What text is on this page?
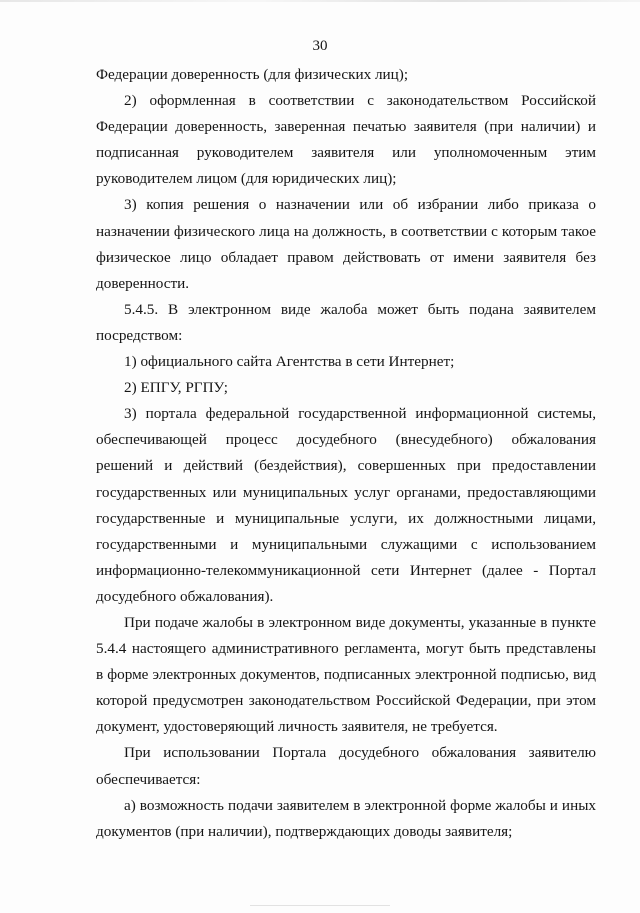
30

Федерации доверенность (для физических лиц);

2) оформленная в соответствии с законодательством Российской Федерации доверенность, заверенная печатью заявителя (при наличии) и подписанная руководителем заявителя или уполномоченным этим руководителем лицом (для юридических лиц);

3) копия решения о назначении или об избрании либо приказа о назначении физического лица на должность, в соответствии с которым такое физическое лицо обладает правом действовать от имени заявителя без доверенности.

5.4.5. В электронном виде жалоба может быть подана заявителем посредством:

1) официального сайта Агентства в сети Интернет;

2) ЕПГУ, РГПУ;

3) портала федеральной государственной информационной системы, обеспечивающей процесс досудебного (внесудебного) обжалования решений и действий (бездействия), совершенных при предоставлении государственных или муниципальных услуг органами, предоставляющими государственные и муниципальные услуги, их должностными лицами, государственными и муниципальными служащими с использованием информационно-телекоммуникационной сети Интернет (далее - Портал досудебного обжалования).

При подаче жалобы в электронном виде документы, указанные в пункте 5.4.4 настоящего административного регламента, могут быть представлены в форме электронных документов, подписанных электронной подписью, вид которой предусмотрен законодательством Российской Федерации, при этом документ, удостоверяющий личность заявителя, не требуется.

При использовании Портала досудебного обжалования заявителю обеспечивается:

а) возможность подачи заявителем в электронной форме жалобы и иных документов (при наличии), подтверждающих доводы заявителя;
